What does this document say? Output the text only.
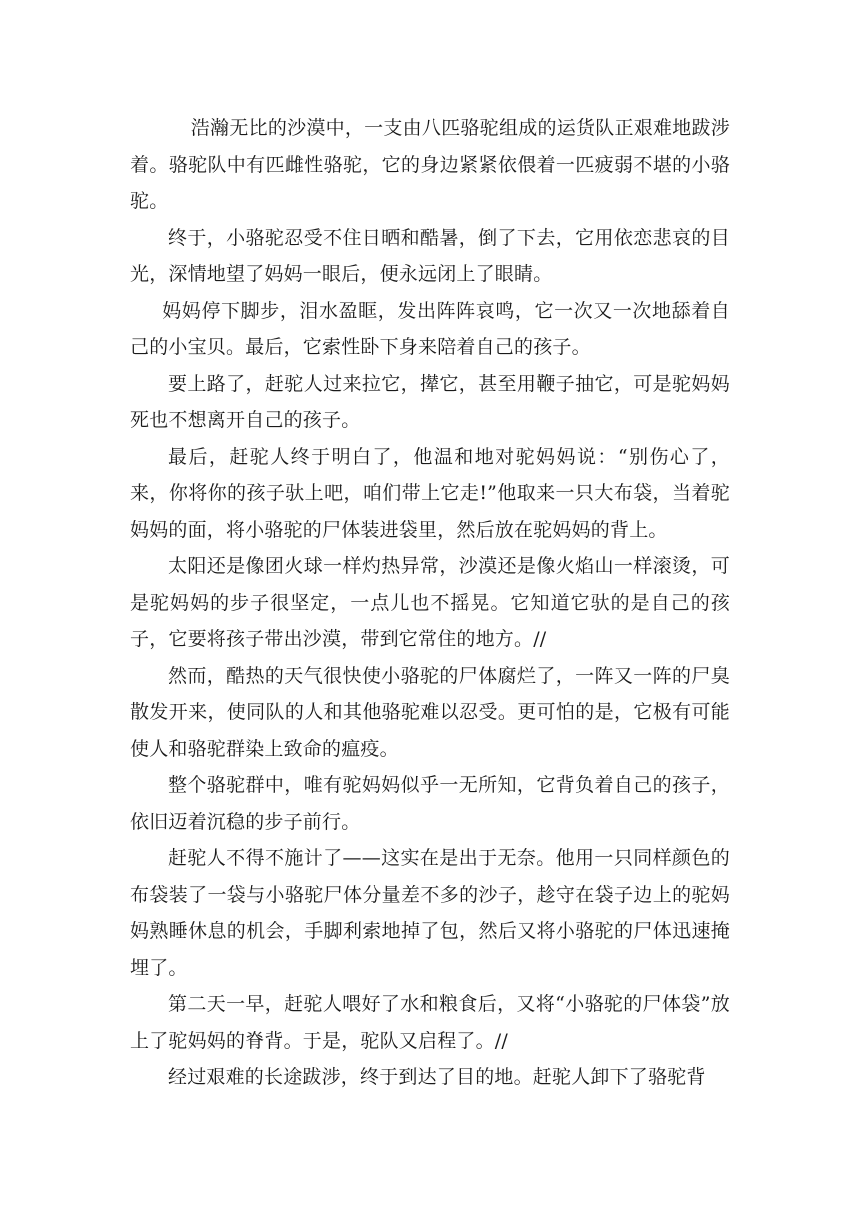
浩瀚无比的沙漠中，一支由八匹骆驼组成的运货队正艰难地跋涉着。骆驼队中有匹雌性骆驼，它的身边紧紧依偎着一匹疲弱不堪的小骆驼。

终于，小骆驼忍受不住日晒和酷暑，倒了下去，它用依恋悲哀的目光，深情地望了妈妈一眼后，便永远闭上了眼睛。

妈妈停下脚步，泪水盈眶，发出阵阵哀鸣，它一次又一次地舔着自己的小宝贝。最后，它索性卧下身来陪着自己的孩子。

要上路了，赶驼人过来拉它，撵它，甚至用鞭子抽它，可是驼妈妈死也不想离开自己的孩子。

最后，赶驼人终于明白了，他温和地对驼妈妈说：“别伤心了，来，你将你的孩子驮上吧，咱们带上它走!”他取来一只大布袋，当着驼妈妈的面，将小骆驼的尸体装进袋里，然后放在驼妈妈的背上。

太阳还是像团火球一样灼热异常，沙漠还是像火焰山一样滚烫，可是驼妈妈的步子很坚定，一点儿也不摇晃。它知道它驮的是自己的孩子，它要将孩子带出沙漠，带到它常住的地方。//

然而，酷热的天气很快使小骆驼的尸体腐烂了，一阵又一阵的尸臭散发开来，使同队的人和其他骆驼难以忍受。更可怕的是，它极有可能使人和骆驼群染上致命的瘟疫。

整个骆驼群中，唯有驼妈妈似乎一无所知，它背负着自己的孩子，依旧迈着沉稳的步子前行。

赶驼人不得不施计了——这实在是出于无奈。他用一只同样颜色的布袋装了一袋与小骆驼尸体分量差不多的沙子，趁守在袋子边上的驼妈妈熟睡休息的机会，手脚利索地掉了包，然后又将小骆驼的尸体迅速掩埋了。

第二天一早，赶驼人喂好了水和粮食后，又将“小骆驼的尸体袋”放上了驼妈妈的脊背。于是，驼队又启程了。//

经过艰难的长途跋涉，终于到达了目的地。赶驼人卸下了骆驼背
